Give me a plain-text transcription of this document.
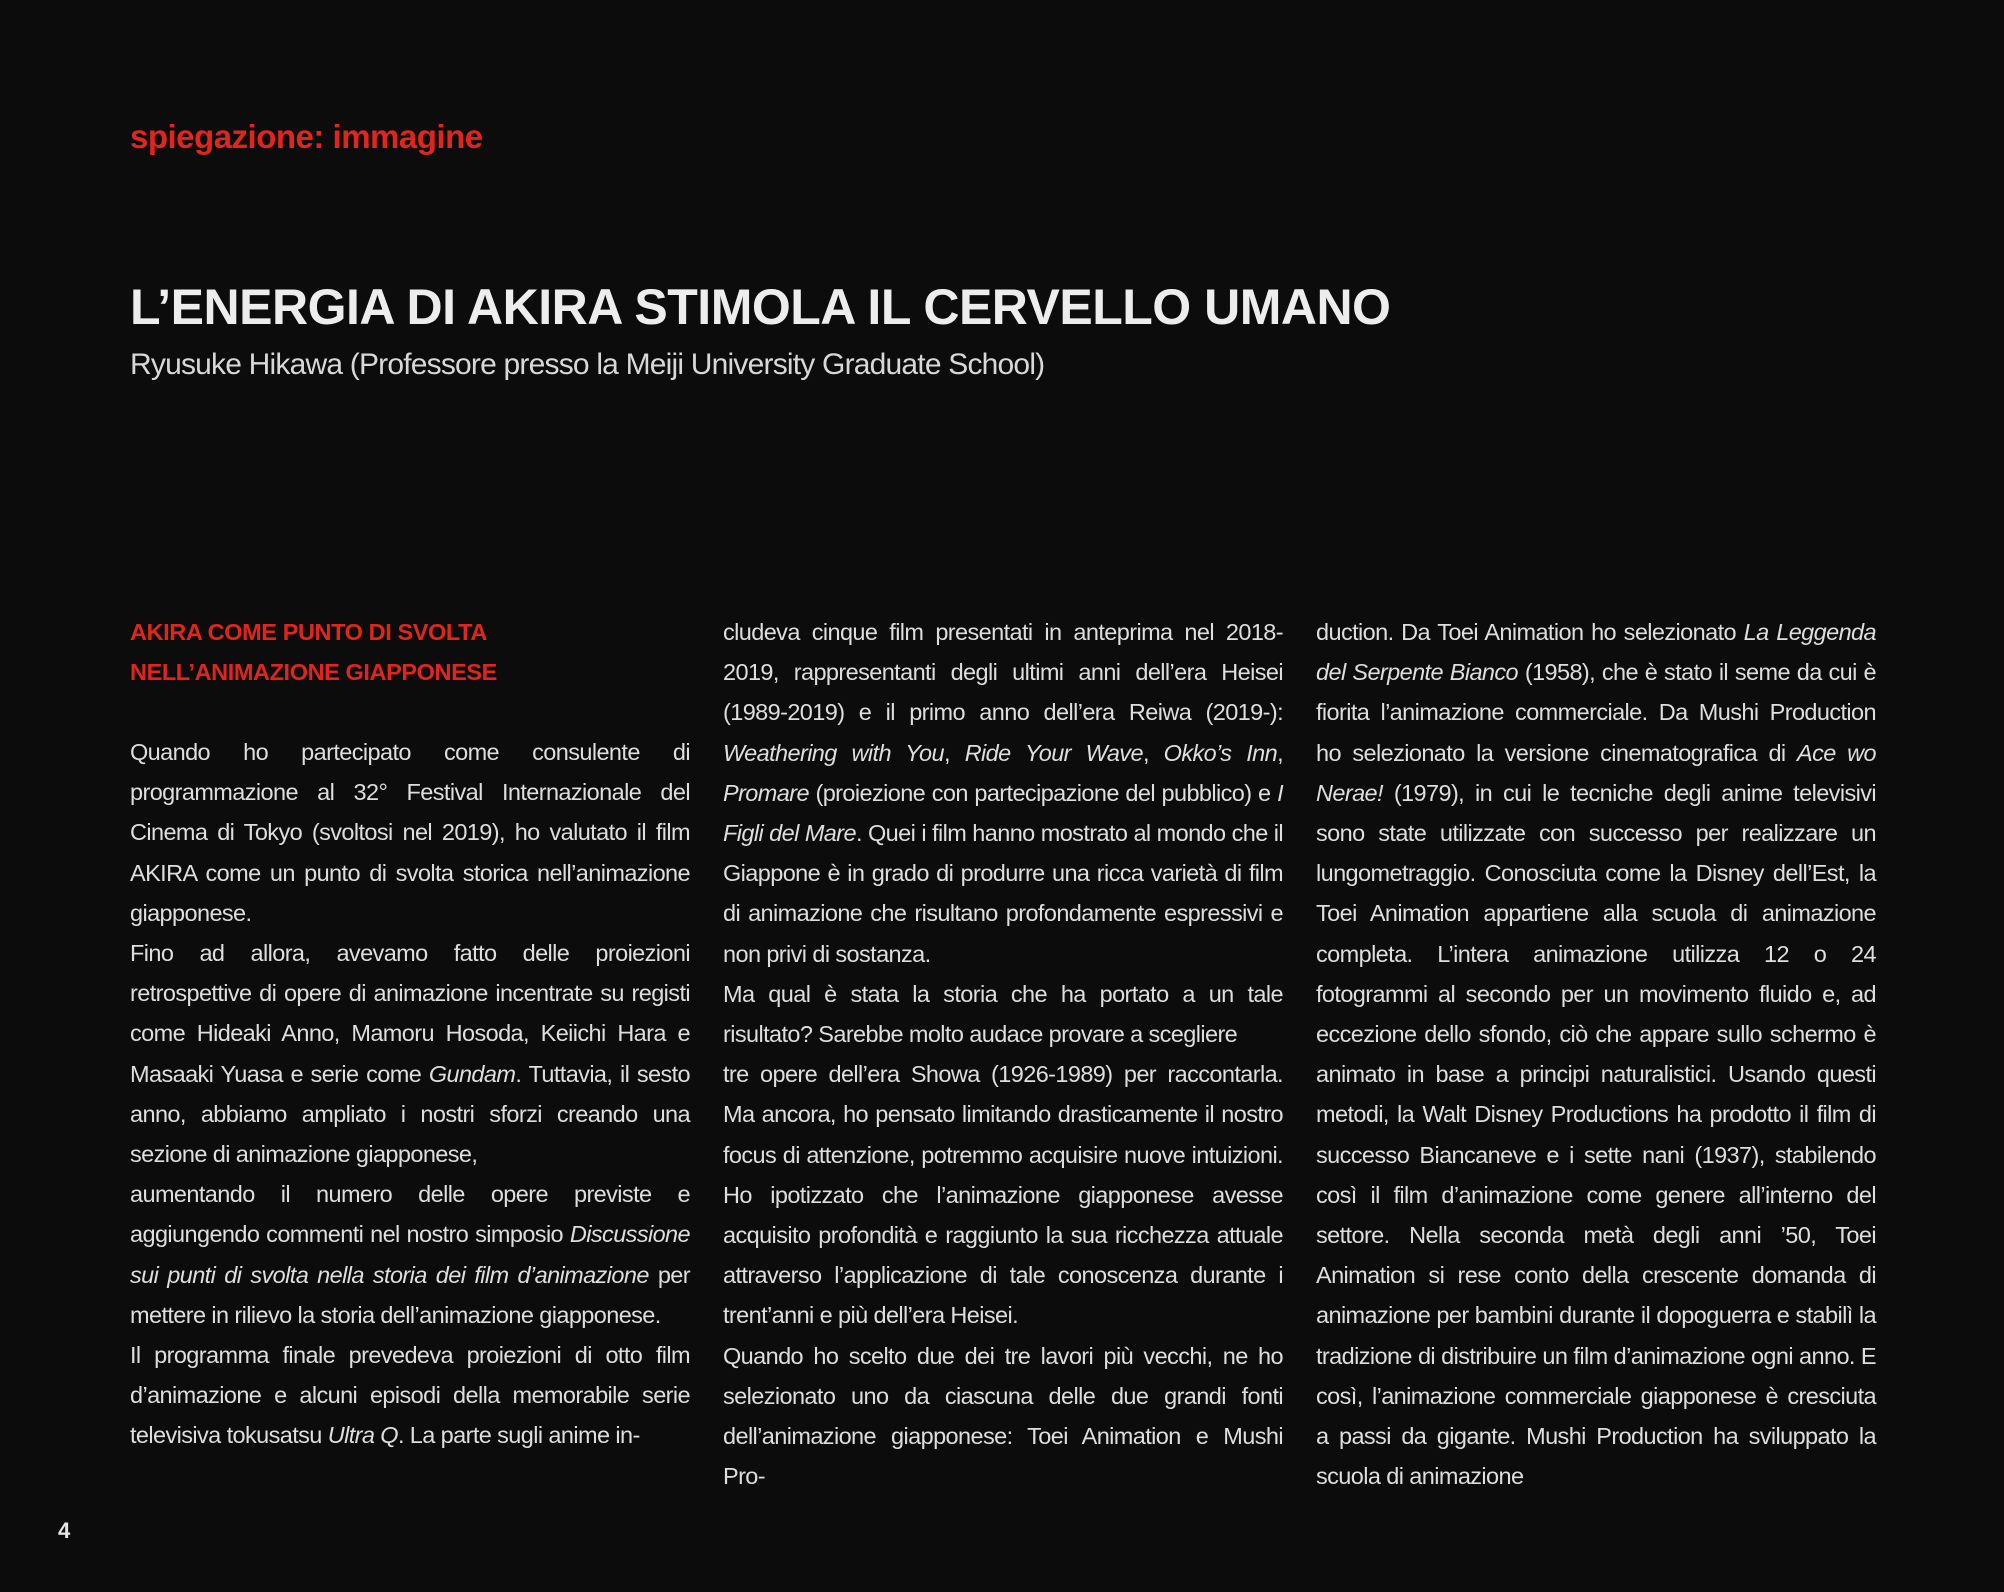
spiegazione: immagine
L’ENERGIA DI AKIRA STIMOLA IL CERVELLO UMANO
Ryusuke Hikawa (Professore presso la Meiji University Graduate School)
AKIRA COME PUNTO DI SVOLTA NELL’ANIMAZIONE GIAPPONESE

Quando ho partecipato come consulente di programmazione al 32° Festival Internazionale del Cinema di Tokyo (svoltosi nel 2019), ho valutato il film AKIRA come un punto di svolta storica nell’animazione giapponese.

Fino ad allora, avevamo fatto delle proiezioni retrospettive di opere di animazione incentrate su registi come Hideaki Anno, Mamoru Hosoda, Keiichi Hara e Masaaki Yuasa e serie come Gundam. Tuttavia, il sesto anno, abbiamo ampliato i nostri sforzi creando una sezione di animazione giapponese,

aumentando il numero delle opere previste e aggiungendo commenti nel nostro simposio Discussione sui punti di svolta nella storia dei film d’animazione per mettere in rilievo la storia dell’animazione giapponese.

Il programma finale prevedeva proiezioni di otto film d’animazione e alcuni episodi della memorabile serie televisiva tokusatsu Ultra Q. La parte sugli anime in-

cludeva cinque film presentati in anteprima nel 2018-2019, rappresentanti degli ultimi anni dell’era Heisei (1989-2019) e il primo anno dell’era Reiwa (2019-): Weathering with You, Ride Your Wave, Okko’s Inn, Promare (proiezione con partecipazione del pubblico) e I Figli del Mare. Quei i film hanno mostrato al mondo che il Giappone è in grado di produrre una ricca varietà di film di animazione che risultano profondamente espressivi e non privi di sostanza.

Ma qual è stata la storia che ha portato a un tale risultato? Sarebbe molto audace provare a scegliere

tre opere dell’era Showa (1926-1989) per raccontarla. Ma ancora, ho pensato limitando drasticamente il nostro focus di attenzione, potremmo acquisire nuove intuizioni. Ho ipotizzato che l’animazione giapponese avesse acquisito profondità e raggiunto la sua ricchezza attuale attraverso l’applicazione di tale conoscenza durante i trent’anni e più dell’era Heisei.

Quando ho scelto due dei tre lavori più vecchi, ne ho selezionato uno da ciascuna delle due grandi fonti dell’animazione giapponese: Toei Animation e Mushi Pro-

duction. Da Toei Animation ho selezionato La Leggenda del Serpente Bianco (1958), che è stato il seme da cui è fiorita l’animazione commerciale. Da Mushi Production ho selezionato la versione cinematografica di Ace wo Nerae! (1979), in cui le tecniche degli anime televisivi sono state utilizzate con successo per realizzare un lungometraggio. Conosciuta come la Disney dell’Est, la Toei Animation appartiene alla scuola di animazione completa. L’intera animazione utilizza 12 o 24 fotogrammi al secondo per un movimento fluido e, ad eccezione dello sfondo, ciò che appare sullo schermo è animato in base a principi naturalistici. Usando questi metodi, la Walt Disney Productions ha prodotto il film di successo Biancaneve e i sette nani (1937), stabilendo così il film d’animazione come genere all’interno del settore. Nella seconda metà degli anni ’50, Toei Animation si rese conto della crescente domanda di animazione per bambini durante il dopoguerra e stabilì la tradizione di distribuire un film d’animazione ogni anno. E così, l’animazione commerciale giapponese è cresciuta a passi da gigante. Mushi Production ha sviluppato la scuola di animazione

4
